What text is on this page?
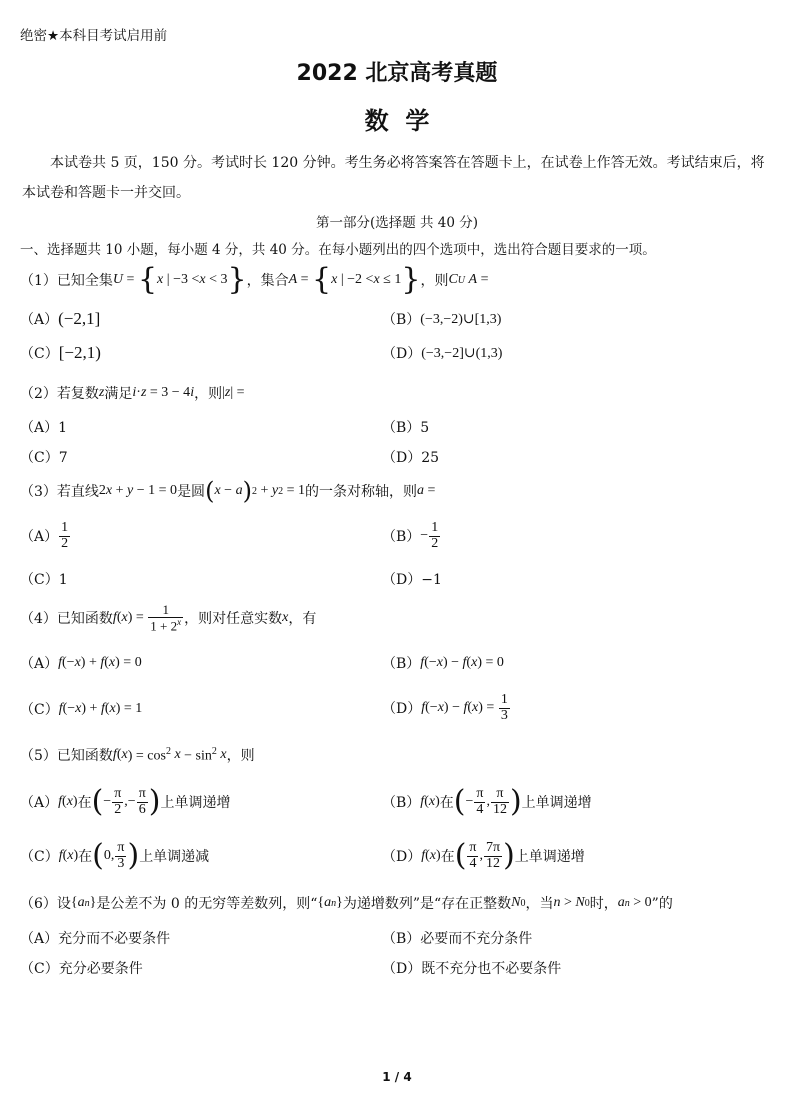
绝密★本科目考试启用前
2022 北京高考真题
数  学
本试卷共 5 页，150 分。考试时长 120 分钟。考生务必将答案答在答题卡上，在试卷上作答无效。考试结束后，将本试卷和答题卡一并交回。
第一部分(选择题 共 40 分)
一、选择题共 10 小题，每小题 4 分，共 40 分。在每小题列出的四个选项中，选出符合题目要求的一项。
（1）已知全集 U = { x | −3 < x < 3 } ，集合 A = { x | −2 < x ≤ 1 } ，则 C U A =
（A） (−2,1]	（B） (−3,−2)∪[1,3)
（C） [−2,1)	（D） (−3,−2]∪(1,3)
（2）若复数 z 满足 i · z = 3 − 4 i ，则 | z | =
（A）1	（B）5
（C）7	（D）25
（3）若直线 2 x + y − 1 = 0 是圆 ( x − a ) 2 + y 2 = 1 的一条对称轴，则 a =
$(A) \frac{1}{2}$	$(B) - \frac{1}{2}$
（C）1	（D）−1
（4）已知函数 f ( x ) = $\frac{1}{1 + 2^x}$ ，则对任意实数 x ，有
（A） f (− x ) + f ( x ) = 0	（B） f (− x ) − f ( x ) = 0
（C） f (− x ) + f ( x ) = 1	（D） f (− x ) − f ( x ) = $\frac{1}{3}$
（5）已知函数 f ( x ) = $\cos^2 x - \sin^2 x$ ，则
（A） f ( x ) 在 ( − $\frac{\pi}{2}$ ,− $\frac{\pi}{6}$ ) 上单调递增	（B） f ( x ) 在 ( − $\frac{\pi}{4}$ , $\frac{\pi}{12}$ ) 上单调递增
（C） f ( x ) 在 ( 0, $\frac{\pi}{3}$ ) 上单调递减	（D） f ( x ) 在 ( $\frac{\pi}{4}$ , $\frac{7\pi}{12}$ ) 上单调递增
（6）设 { a n } 是公差不为 0 的无穷等差数列，则“ { a n } 为递增数列”是“存在正整数 N 0 ，当 n > N 0 时， a n > 0 ”的
（A）充分而不必要条件	（B）必要而不充分条件
（C）充分必要条件	（D）既不充分也不必要条件
1 / 4
